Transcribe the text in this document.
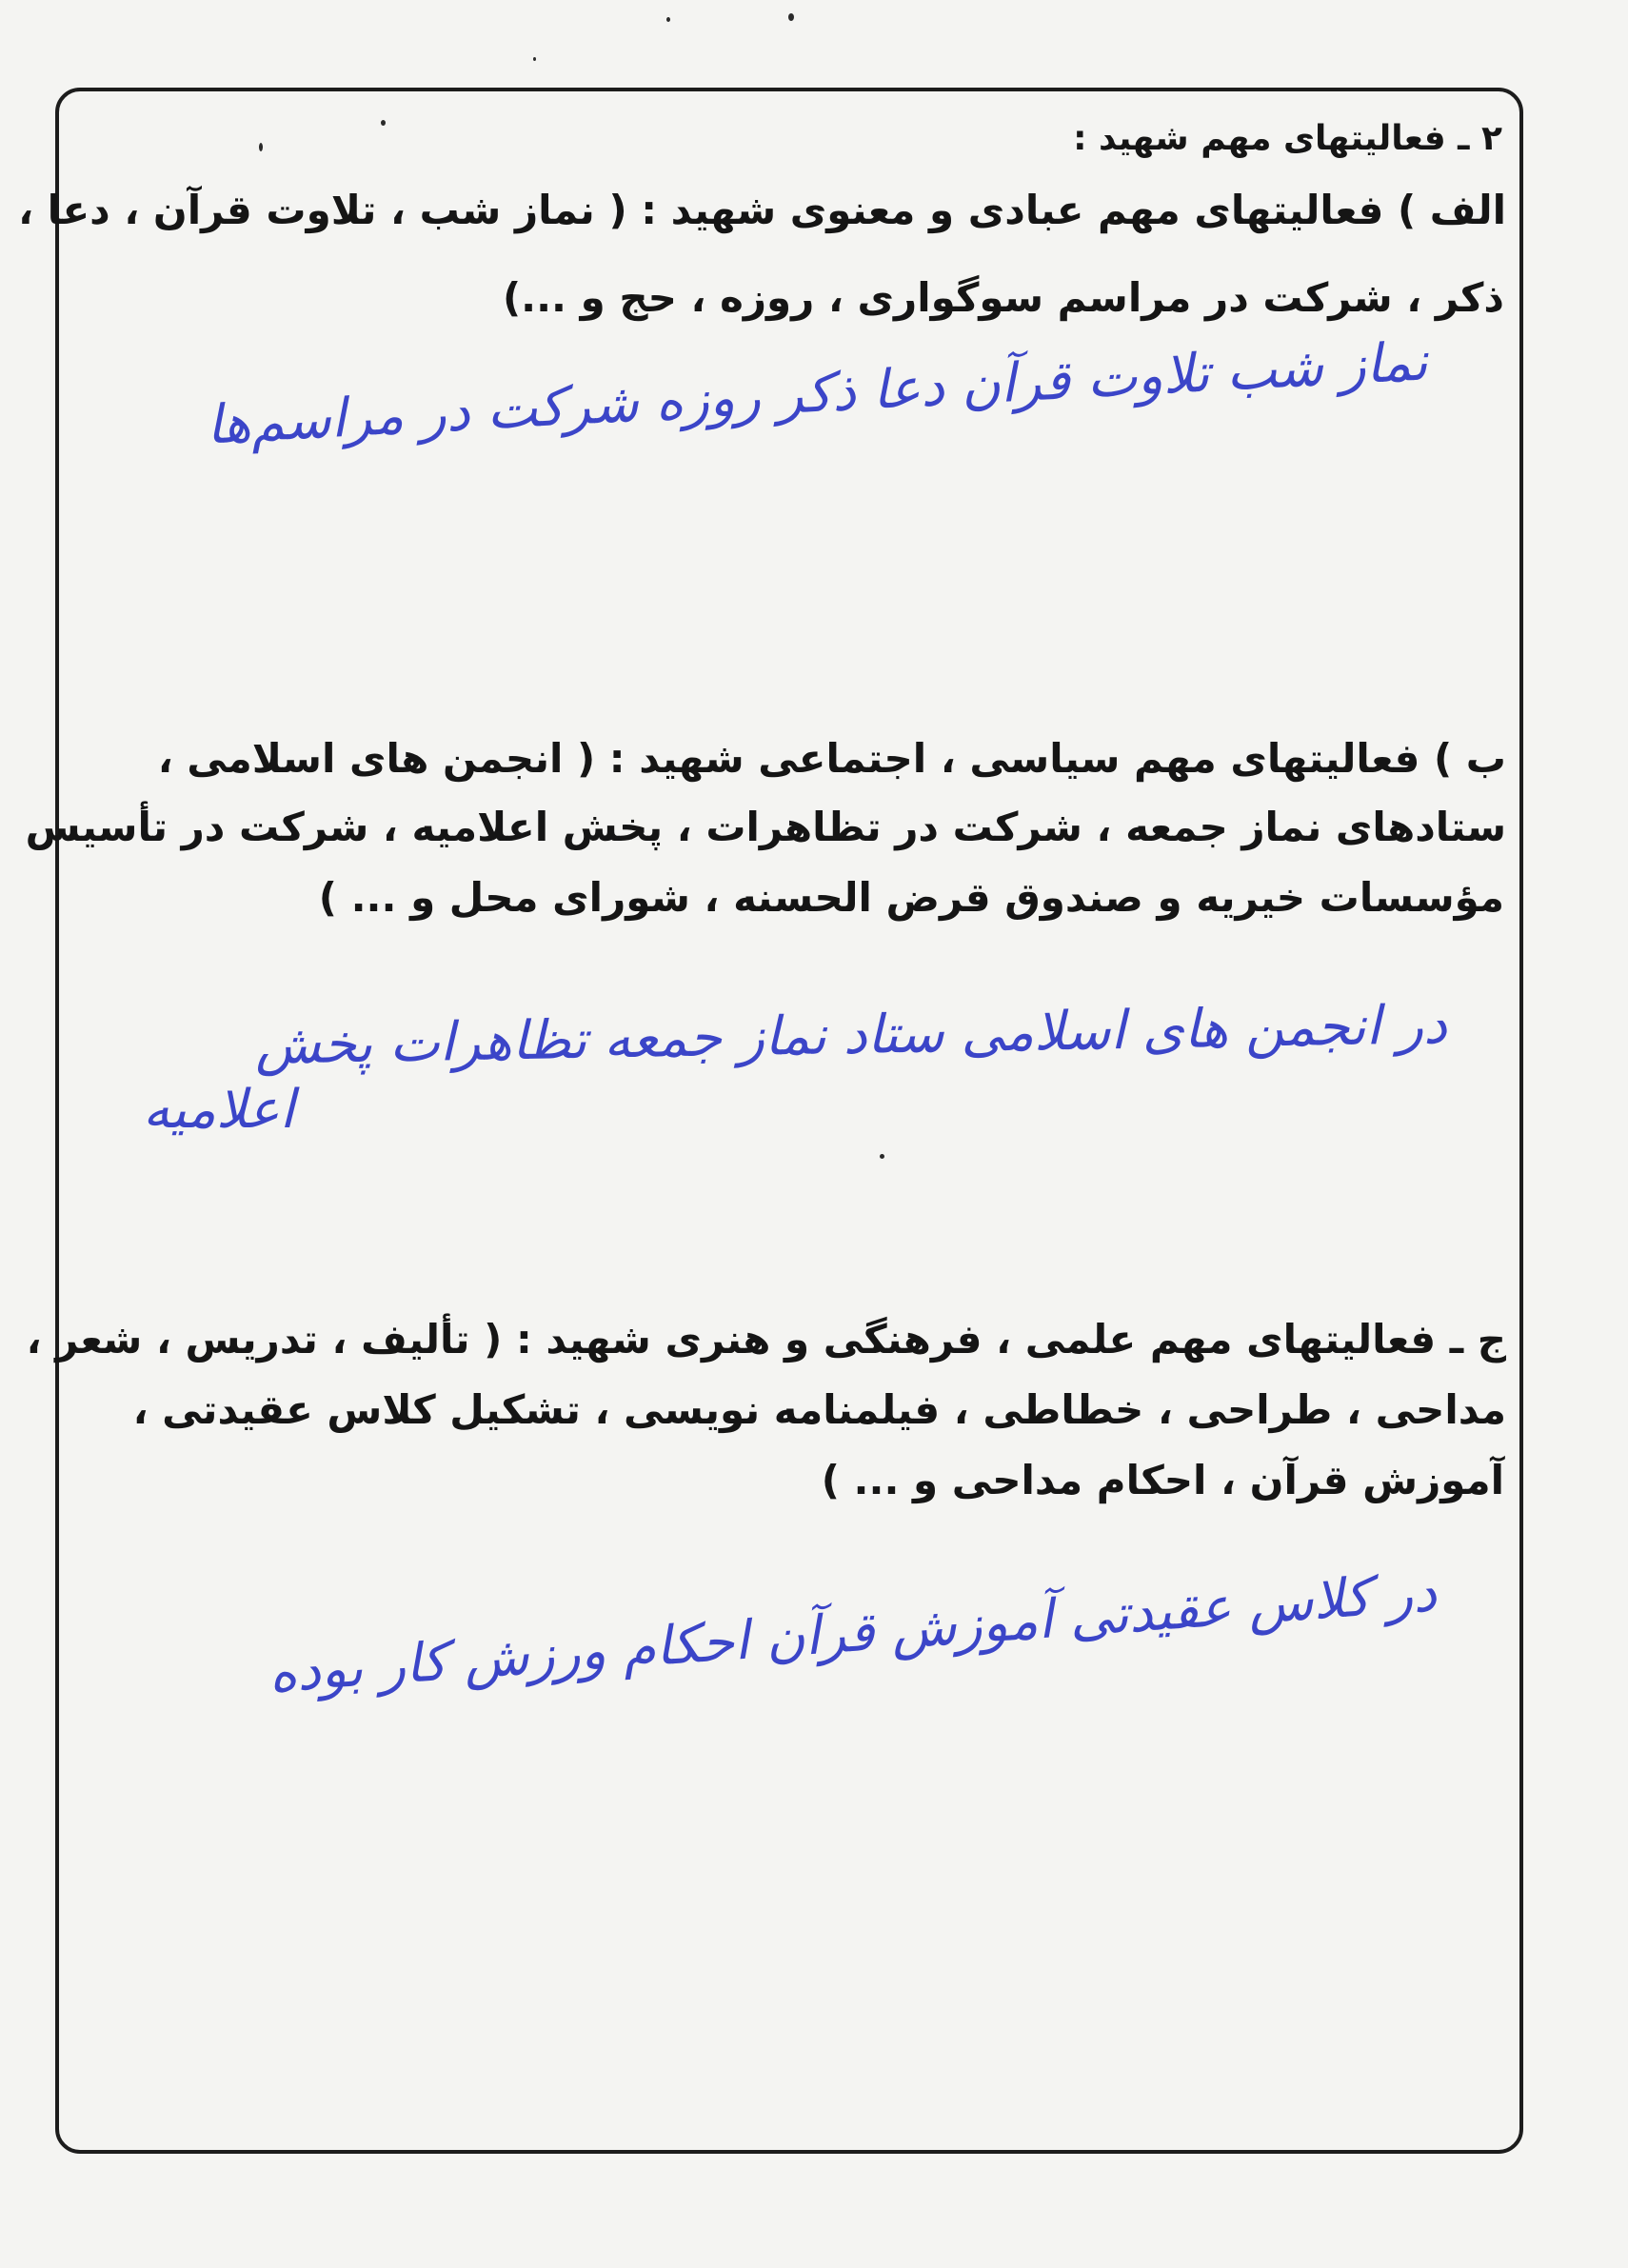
۲ ـ فعالیتهای مهم شهید :

الف ) فعالیتهای مهم عبادی و معنوی شهید : ( نماز شب ، تلاوت قرآن ، دعا ،

ذکر ، شرکت در مراسم سوگواری ، روزه ، حج و ...)

نماز شب تلاوت قرآن دعا ذکر روزه شرکت در مراسم‌ها

ب ) فعالیتهای مهم سیاسی ، اجتماعی شهید : ( انجمن های اسلامی ،

ستادهای نماز جمعه ، شرکت در تظاهرات ، پخش اعلامیه ، شرکت در تأسیس

مؤسسات خیریه و صندوق قرض الحسنه ، شورای محل و ... )

در انجمن های اسلامی ستاد نماز جمعه تظاهرات پخش

اعلامیه

ج ـ فعالیتهای مهم علمی ، فرهنگی و هنری شهید : ( تألیف ، تدریس ، شعر ،

مداحی ، طراحی ، خطاطی ، فیلمنامه نویسی ، تشکیل کلاس عقیدتی ،

آموزش قرآن ، احکام مداحی و ... )

در کلاس عقیدتی آموزش قرآن احکام ورزش کار بوده
